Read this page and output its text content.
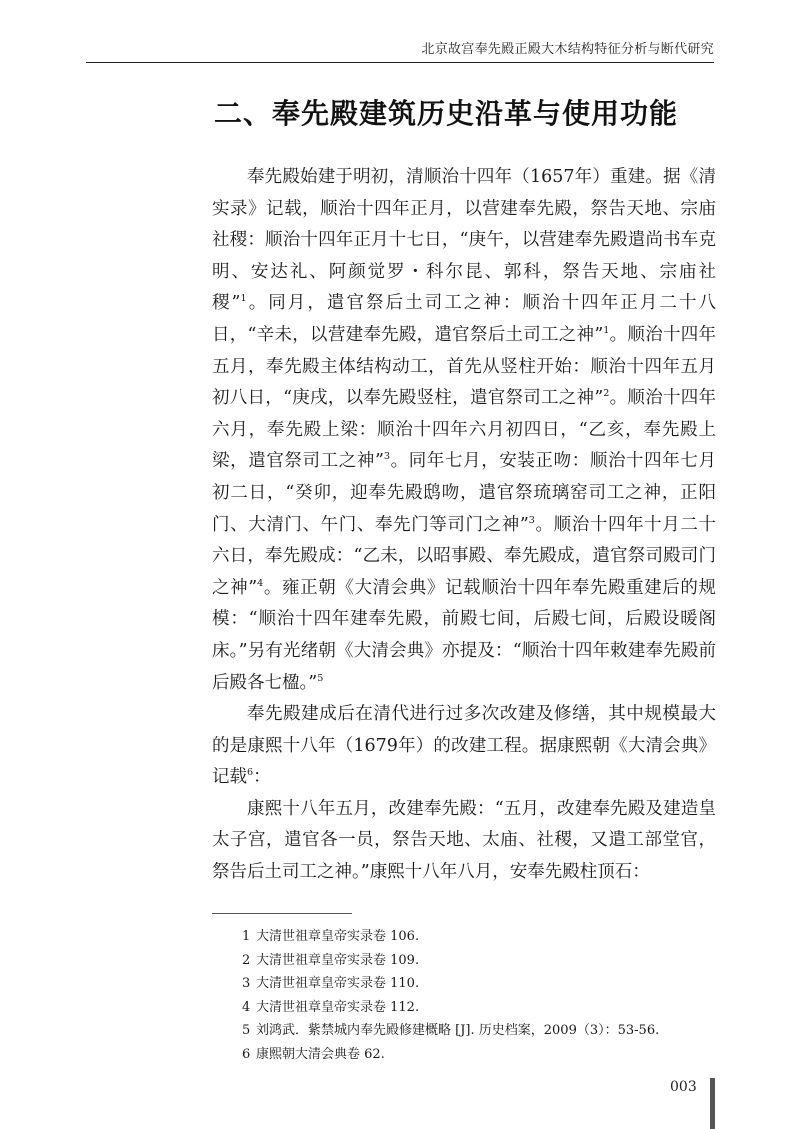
北京故宫奉先殿正殿大木结构特征分析与断代研究
二、奉先殿建筑历史沿革与使用功能

奉先殿始建于明初，清顺治十四年（1657年）重建。据《清实录》记载，顺治十四年正月，以营建奉先殿，祭告天地、宗庙社稷：顺治十四年正月十七日，“庚午，以营建奉先殿遣尚书车克明、安达礼、阿颜觉罗・科尔昆、郭科，祭告天地、宗庙社稷”$^1$。同月，遣官祭后土司工之神：顺治十四年正月二十八日，“辛未，以营建奉先殿，遣官祭后土司工之神”$^1$。顺治十四年五月，奉先殿主体结构动工，首先从竖柱开始：顺治十四年五月初八日，“庚戌，以奉先殿竖柱，遣官祭司工之神”$^2$。顺治十四年六月，奉先殿上梁：顺治十四年六月初四日，“乙亥，奉先殿上梁，遣官祭司工之神”$^3$。同年七月，安装正吻：顺治十四年七月初二日，“癸卯，迎奉先殿鸱吻，遣官祭琉璃窑司工之神，正阳门、大清门、午门、奉先门等司门之神”$^3$。顺治十四年十月二十六日，奉先殿成：“乙未，以昭事殿、奉先殿成，遣官祭司殿司门之神”$^4$。雍正朝《大清会典》记载顺治十四年奉先殿重建后的规模：“顺治十四年建奉先殿，前殿七间，后殿七间，后殿设暖阁床。”另有光绪朝《大清会典》亦提及：“顺治十四年敕建奉先殿前后殿各七楹。”$^5$

奉先殿建成后在清代进行过多次改建及修缮，其中规模最大的是康熙十八年（1679年）的改建工程。据康熙朝《大清会典》记载$^6$：

康熙十八年五月，改建奉先殿：“五月，改建奉先殿及建造皇太子宫，遣官各一员，祭告天地、太庙、社稷，又遣工部堂官，祭告后土司工之神。”康熙十八年八月，安奉先殿柱顶石：

1 大清世祖章皇帝实录卷 106.
2 大清世祖章皇帝实录卷 109.
3 大清世祖章皇帝实录卷 110.
4 大清世祖章皇帝实录卷 112.
5 刘鸿武．紫禁城内奉先殿修建概略 [J]. 历史档案，2009（3）：53-56.
6 康熙朝大清会典卷 62.
003
